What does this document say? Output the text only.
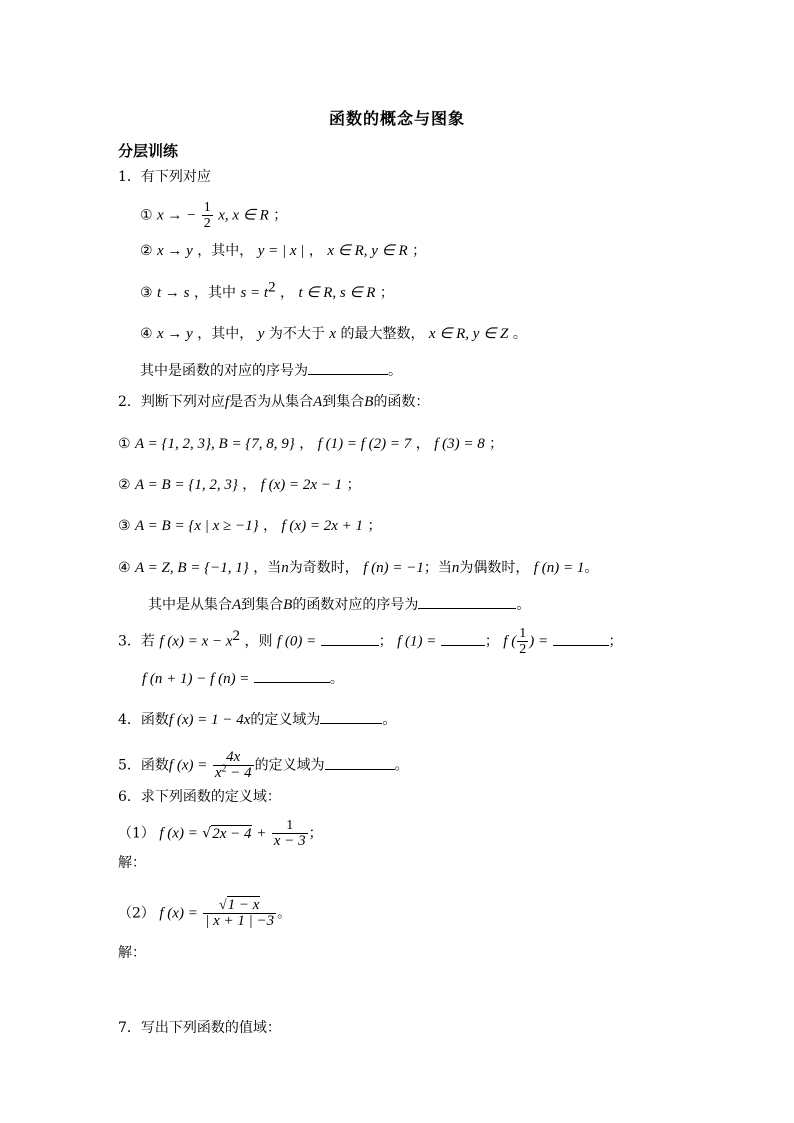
函数的概念与图象
分层训练
1．有下列对应
① x → − $\frac{1}{2} x$, x ∈ R ；
② x → y ，其中， y = | x | ， x ∈ R, y ∈ R ；
③ t → s ，其中 $s = t^2$ ， t ∈ R, s ∈ R ；
④ x → y ，其中， y 为不大于 x 的最大整数， x ∈ R, y ∈ Z 。
其中是函数的对应的序号为	。
2．判断下列对应f是否为从集合A到集合B的函数：
① A = {1, 2, 3}, B = {7, 8, 9} ， f (1) = f (2) = 7 ， f (3) = 8 ；
② A = B = {1, 2, 3} ， f (x) = 2x − 1 ；
③ A = B = {x | x ≥ −1} ， f (x) = 2x + 1 ；
④ A = Z, B = {−1, 1} ，当n为奇数时， f (n) = −1；当n为偶数时， f (n) = 1。
其中是从集合A到集合B的函数对应的序号为	。
3．若 f $(x) = x - x^2$ ，则 f (0) =	； f (1) =	； f ( $\frac{1}{2}$ ) =	；
f (n + 1) − f (n) =	。
4．函数f (x) = 1 − 4x的定义域为	。
5．函数f $(x) = \frac{4x}{x^2 - 4}$ 的定义域为	。
6．求下列函数的定义域：
（1） f $(x) = √2x - 4 + \frac{1}{x - 3}$ ；
解：
（2） f $(x) = \frac{√1 - x}{| x + 1 | -3}$ 。
解：
7．写出下列函数的值域：
